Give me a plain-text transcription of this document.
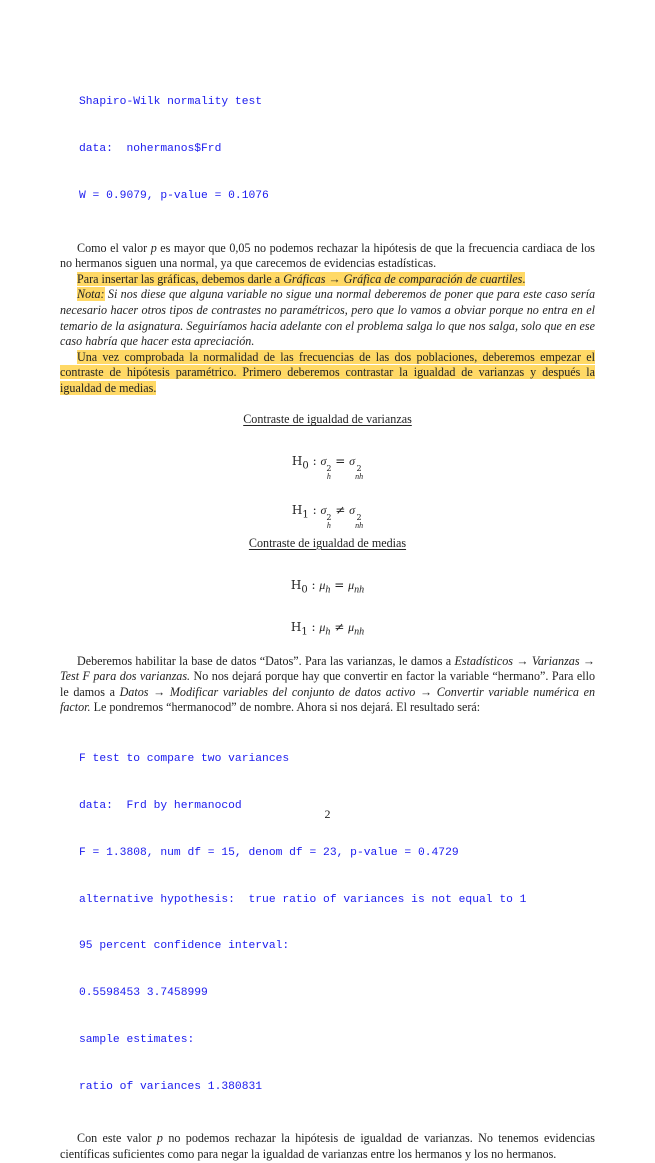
Shapiro-Wilk normality test

data:  nohermanos$Frd

W = 0.9079, p-value = 0.1076

Como el valor p es mayor que 0,05 no podemos rechazar la hipótesis de que la frecuencia cardiaca de los no hermanos siguen una normal, ya que carecemos de evidencias estadísticas.

Para insertar las gráficas, debemos darle a Gráficas → Gráfica de comparación de cuartiles.

Nota: Si nos diese que alguna variable no sigue una normal deberemos de poner que para este caso sería necesario hacer otros tipos de contrastes no paramétricos, pero que lo vamos a obviar porque no entra en el temario de la asignatura. Seguiríamos hacia adelante con el problema salga lo que nos salga, solo que en ese caso habría que hacer esta apreciación.

Una vez comprobada la normalidad de las frecuencias de las dos poblaciones, deberemos empezar el contraste de hipótesis paramétrico. Primero deberemos contrastar la igualdad de varianzas y después la igualdad de medias.

Contraste de igualdad de varianzas
$H_0$ : σ
2
h
= σ
2
nh
$H_1$ : σ
2
h
≠ σ
2
nh
Contraste de igualdad de medias
$H_0$ : $\mu_h = \mu_{nh}$
$H_1$ : $\mu_h \ne \mu_{nh}$

Deberemos habilitar la base de datos “Datos”. Para las varianzas, le damos a Estadísticos → Varianzas → Test F para dos varianzas. No nos dejará porque hay que convertir en factor la variable “hermano”. Para ello le damos a Datos → Modificar variables del conjunto de datos activo → Convertir variable numérica en factor. Le pondremos “hermanocod” de nombre. Ahora si nos dejará. El resultado será:

F test to compare two variances

data:  Frd by hermanocod

F = 1.3808, num df = 15, denom df = 23, p-value = 0.4729

alternative hypothesis:  true ratio of variances is not equal to 1

95 percent confidence interval:

0.5598453 3.7458999

sample estimates:

ratio of variances 1.380831

Con este valor p no podemos rechazar la hipótesis de igualdad de varianzas. No tenemos evidencias científicas suficientes como para negar la igualdad de varianzas entre los hermanos y los no hermanos.

2
